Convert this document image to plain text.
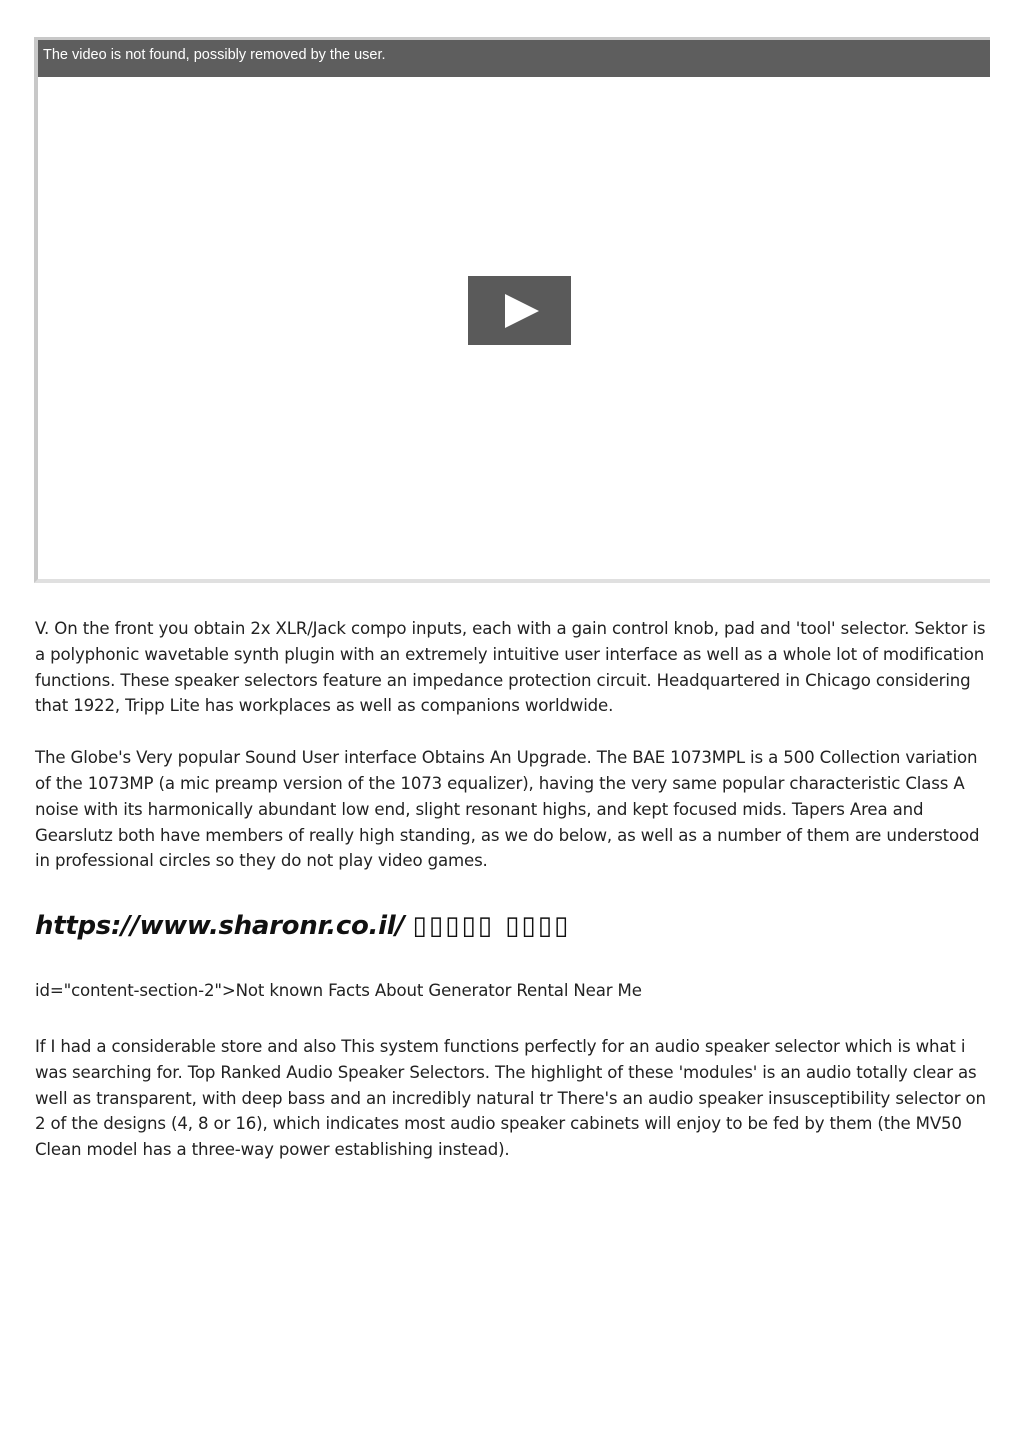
The video is not found, possibly removed by the user.

V. On the front you obtain 2x XLR/Jack compo inputs, each with a gain control knob, pad and 'tool' selector. Sektor is a polyphonic wavetable synth plugin with an extremely intuitive user interface as well as a whole lot of modification functions. These speaker selectors feature an impedance protection circuit. Headquartered in Chicago considering that 1922, Tripp Lite has workplaces as well as companions worldwide.

The Globe's Very popular Sound User interface Obtains An Upgrade. The BAE 1073MPL is a 500 Collection variation of the 1073MP (a mic preamp version of the 1073 equalizer), having the very same popular characteristic Class A noise with its harmonically abundant low end, slight resonant highs, and kept focused mids. Tapers Area and Gearslutz both have members of really high standing, as we do below, as well as a number of them are understood in professional circles so they do not play video games.

https://www.sharonr.co.il/ ▯▯▯▯▯ ▯▯▯▯

id="content-section-2">Not known Facts About Generator Rental Near Me

If I had a considerable store and also This system functions perfectly for an audio speaker selector which is what i was searching for. Top Ranked Audio Speaker Selectors. The highlight of these 'modules' is an audio totally clear as well as transparent, with deep bass and an incredibly natural tr There's an audio speaker insusceptibility selector on 2 of the designs (4, 8 or 16), which indicates most audio speaker cabinets will enjoy to be fed by them (the MV50 Clean model has a three-way power establishing instead).
